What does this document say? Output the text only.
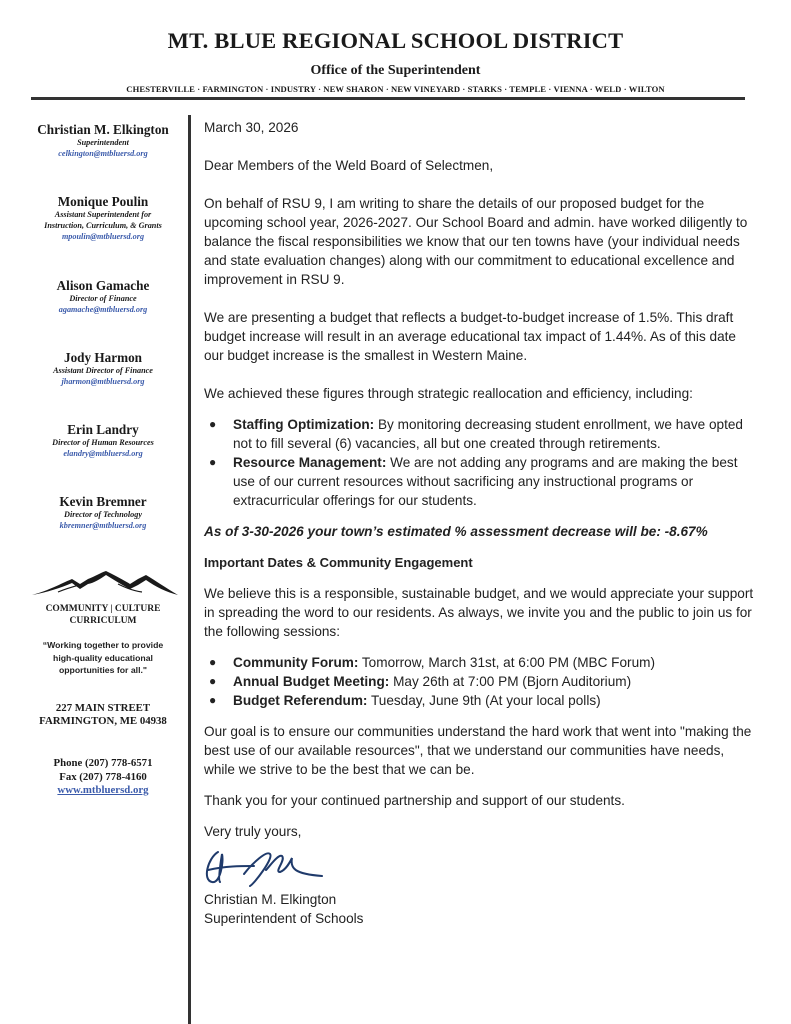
MT. BLUE REGIONAL SCHOOL DISTRICT
Office of the Superintendent
CHESTERVILLE · FARMINGTON · INDUSTRY · NEW SHARON · NEW VINEYARD · STARKS · TEMPLE · VIENNA · WELD · WILTON
Christian M. Elkington
Superintendent
celkington@mtbluersd.org
Monique Poulin
Assistant Superintendent for
Instruction, Curriculum, & Grants
mpoulin@mtbluersd.org
Alison Gamache
Director of Finance
agamache@mtbluersd.org
Jody Harmon
Assistant Director of Finance
jharmon@mtbluersd.org
Erin Landry
Director of Human Resources
elandry@mtbluersd.org
Kevin Bremner
Director of Technology
kbremner@mtbluersd.org
COMMUNITY | CULTURE
CURRICULUM
“Working together to provide
high-quality educational
opportunities for all."
227 MAIN STREET
FARMINGTON, ME 04938
Phone (207) 778-6571
Fax (207) 778-4160
www.mtbluersd.org

March 30, 2026

Dear Members of the Weld Board of Selectmen,

On behalf of RSU 9, I am writing to share the details of our proposed budget for the upcoming school year, 2026-2027. Our School Board and admin. have worked diligently to balance the fiscal responsibilities we know that our ten towns have (your individual needs and state evaluation changes) along with our commitment to educational excellence and improvement in RSU 9.

We are presenting a budget that reflects a budget-to-budget increase of 1.5%. This draft budget increase will result in an average educational tax impact of 1.44%. As of this date our budget increase is the smallest in Western Maine.

We achieved these figures through strategic reallocation and efficiency, including:

● Staffing Optimization: By monitoring decreasing student enrollment, we have opted not to fill several (6) vacancies, all but one created through retirements.
● Resource Management: We are not adding any programs and are making the best use of our current resources without sacrificing any instructional programs or extracurricular offerings for our students.

As of 3-30-2026 your town’s estimated % assessment decrease will be: -8.67%

Important Dates & Community Engagement

We believe this is a responsible, sustainable budget, and we would appreciate your support in spreading the word to our residents. As always, we invite you and the public to join us for the following sessions:

● Community Forum: Tomorrow, March 31st, at 6:00 PM (MBC Forum)
● Annual Budget Meeting: May 26th at 7:00 PM (Bjorn Auditorium)
● Budget Referendum: Tuesday, June 9th (At your local polls)

Our goal is to ensure our communities understand the hard work that went into "making the best use of our available resources", that we understand our communities have needs, while we strive to be the best that we can be.

Thank you for your continued partnership and support of our students.

Very truly yours,

Christian M. Elkington

Superintendent of Schools
